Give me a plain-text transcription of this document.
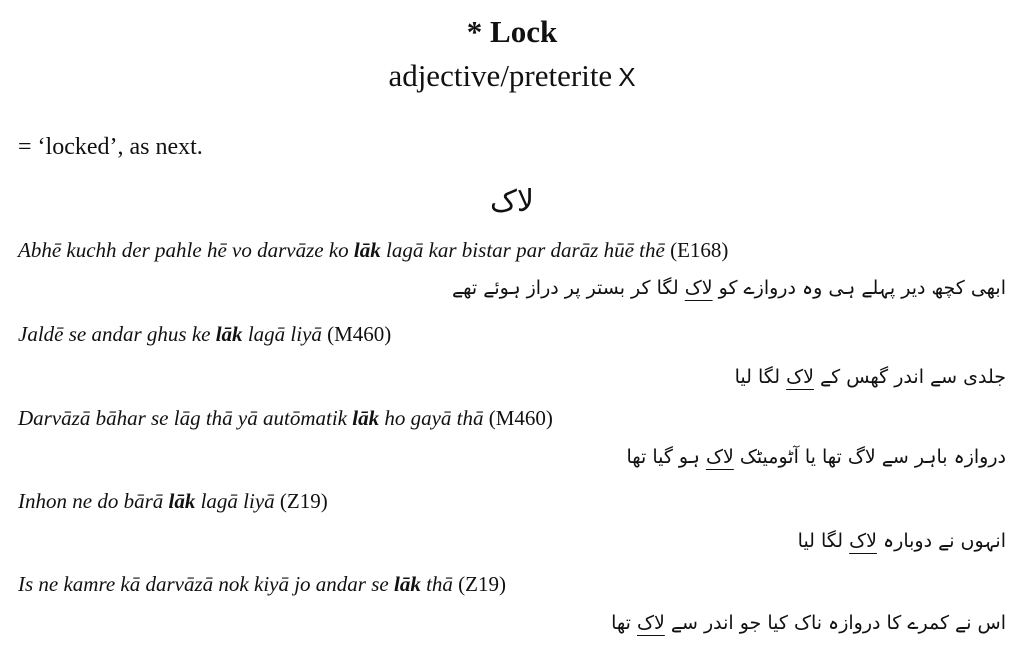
* Lock
adjective/preterite X
= ‘locked’, as next.
لاک
Abhē kuchh der pahle hē vo darvāze ko lāk lagā kar bistar par darāz hūē thē (E168)
ابھی کچھ دیر پہلے ہی وہ دروازے کو لاک لگا کر بستر پر دراز ہوئے تھے
Jaldē se andar ghus ke lāk lagā liyā (M460)
جلدی سے اندر گھس کے لاک لگا لیا
Darvāzā bāhar se lāg thā yā autōmatik lāk ho gayā thā (M460)
دروازہ باہر سے لاگ تھا یا آٹومیٹک لاک ہو گیا تھا
Inhon ne do bārā lāk lagā liyā (Z19)
انہوں نے دوبارہ لاک لگا لیا
Is ne kamre kā darvāzā nok kiyā jo andar se lāk thā (Z19)
اس نے کمرے کا دروازہ ناک کیا جو اندر سے لاک تھا
